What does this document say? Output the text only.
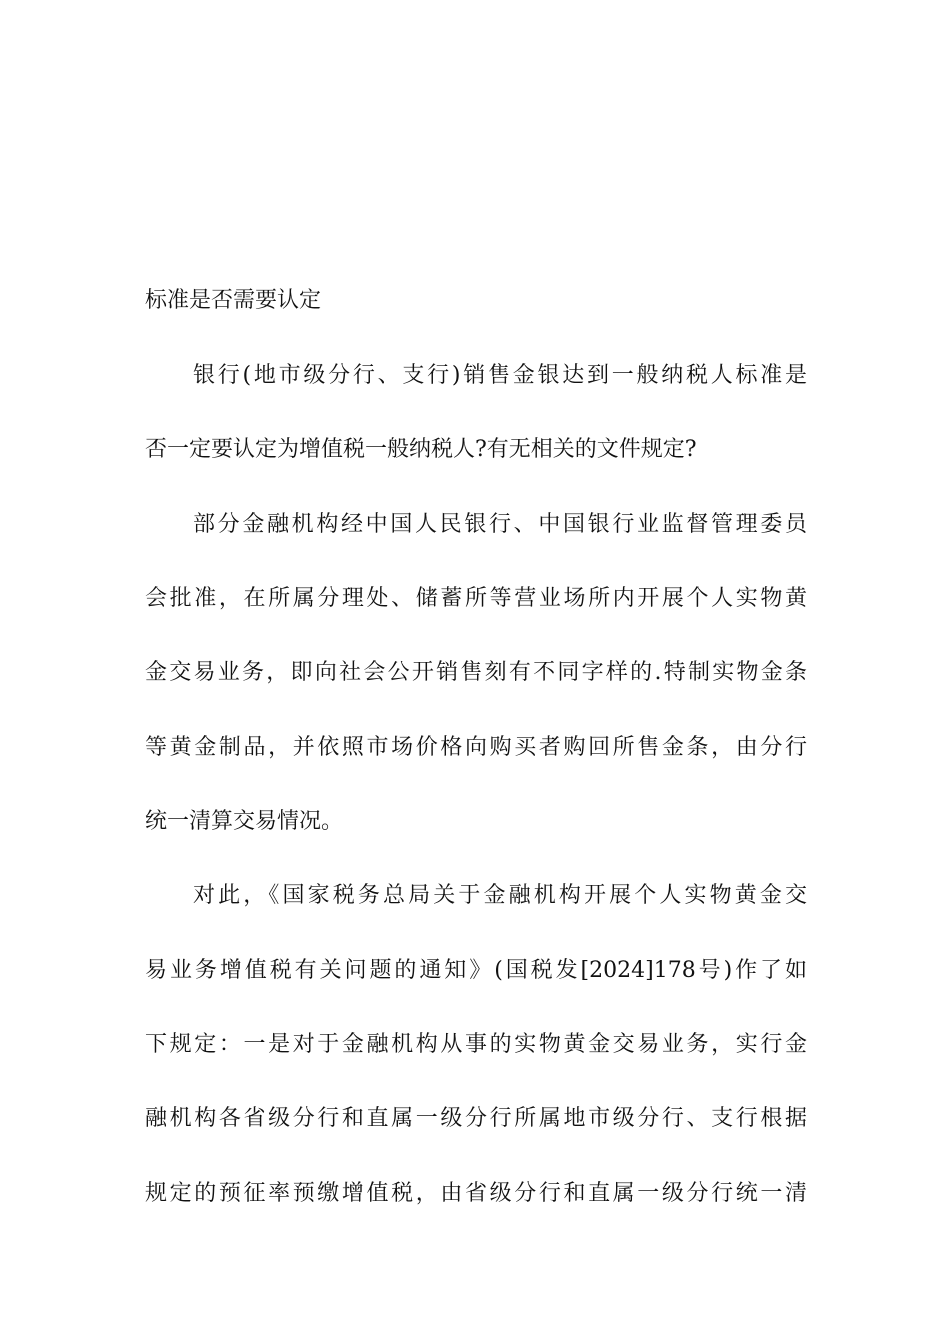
标准是否需要认定
银行(地市级分行、支行)销售金银达到一般纳税人标准是
否一定要认定为增值税一般纳税人?有无相关的文件规定?
部分金融机构经中国人民银行、中国银行业监督管理委员
会批准，在所属分理处、储蓄所等营业场所内开展个人实物黄
金交易业务，即向社会公开销售刻有不同字样的.特制实物金条
等黄金制品，并依照市场价格向购买者购回所售金条，由分行
统一清算交易情况。
对此，《国家税务总局关于金融机构开展个人实物黄金交
易业务增值税有关问题的通知》(国税发[2024]178号)作了如
下规定：一是对于金融机构从事的实物黄金交易业务，实行金
融机构各省级分行和直属一级分行所属地市级分行、支行根据
规定的预征率预缴增值税，由省级分行和直属一级分行统一清
